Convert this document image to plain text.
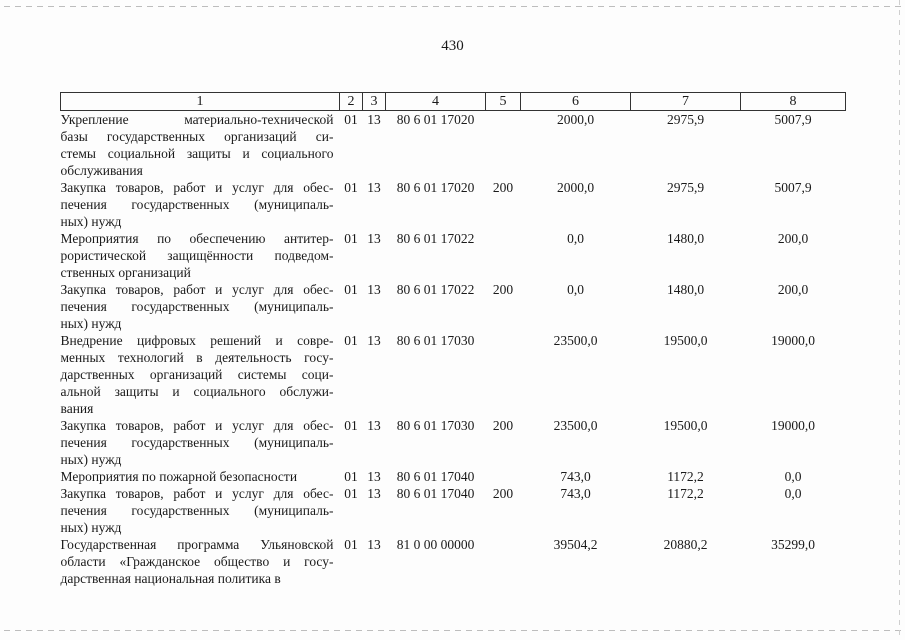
430
1	2	3	4	5	6	7	8

Укрепление материально-технической
базы государственных организаций си-
стемы социальной защиты и социального
обслуживания	01	13	80 6 01 17020		2000,0	2975,9	5007,9

Закупка товаров, работ и услуг для обес-
печения государственных (муниципаль-
ных) нужд	01	13	80 6 01 17020	200	2000,0	2975,9	5007,9

Мероприятия по обеспечению антитер-
рористической защищённости подведом-
ственных организаций	01	13	80 6 01 17022		0,0	1480,0	200,0

Закупка товаров, работ и услуг для обес-
печения государственных (муниципаль-
ных) нужд	01	13	80 6 01 17022	200	0,0	1480,0	200,0

Внедрение цифровых решений и совре-
менных технологий в деятельность госу-
дарственных организаций системы соци-
альной защиты и социального обслужи-
вания	01	13	80 6 01 17030		23500,0	19500,0	19000,0

Закупка товаров, работ и услуг для обес-
печения государственных (муниципаль-
ных) нужд	01	13	80 6 01 17030	200	23500,0	19500,0	19000,0

Мероприятия по пожарной безопасности	01	13	80 6 01 17040		743,0	1172,2	0,0

Закупка товаров, работ и услуг для обес-
печения государственных (муниципаль-
ных) нужд	01	13	80 6 01 17040	200	743,0	1172,2	0,0

Государственная программа Ульяновской
области «Гражданское общество и госу-
дарственная национальная политика в	01	13	81 0 00 00000		39504,2	20880,2	35299,0
